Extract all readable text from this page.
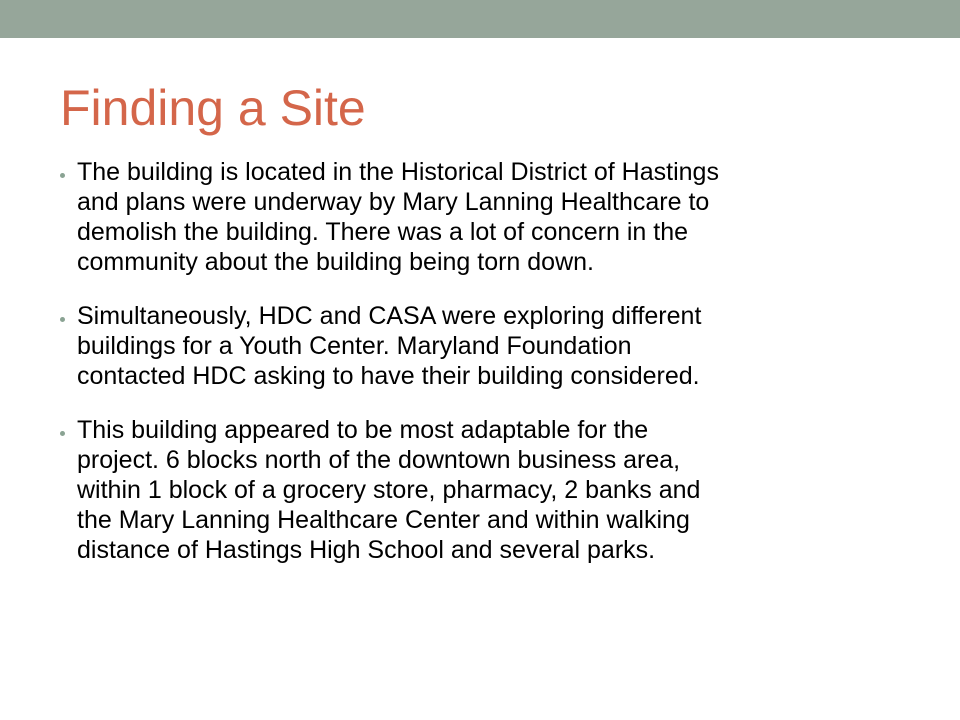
Finding a Site
The building is located in the Historical District of Hastings
and plans were underway by Mary Lanning Healthcare to
demolish the building. There was a lot of concern in the
community about the building being torn down.
Simultaneously, HDC and CASA were exploring different
buildings for a Youth Center. Maryland Foundation
contacted HDC asking to have their building considered.
This building appeared to be most adaptable for the
project. 6 blocks north of the downtown business area,
within 1 block of a grocery store, pharmacy, 2 banks and
the Mary Lanning Healthcare Center and within walking
distance of Hastings High School and several parks.
